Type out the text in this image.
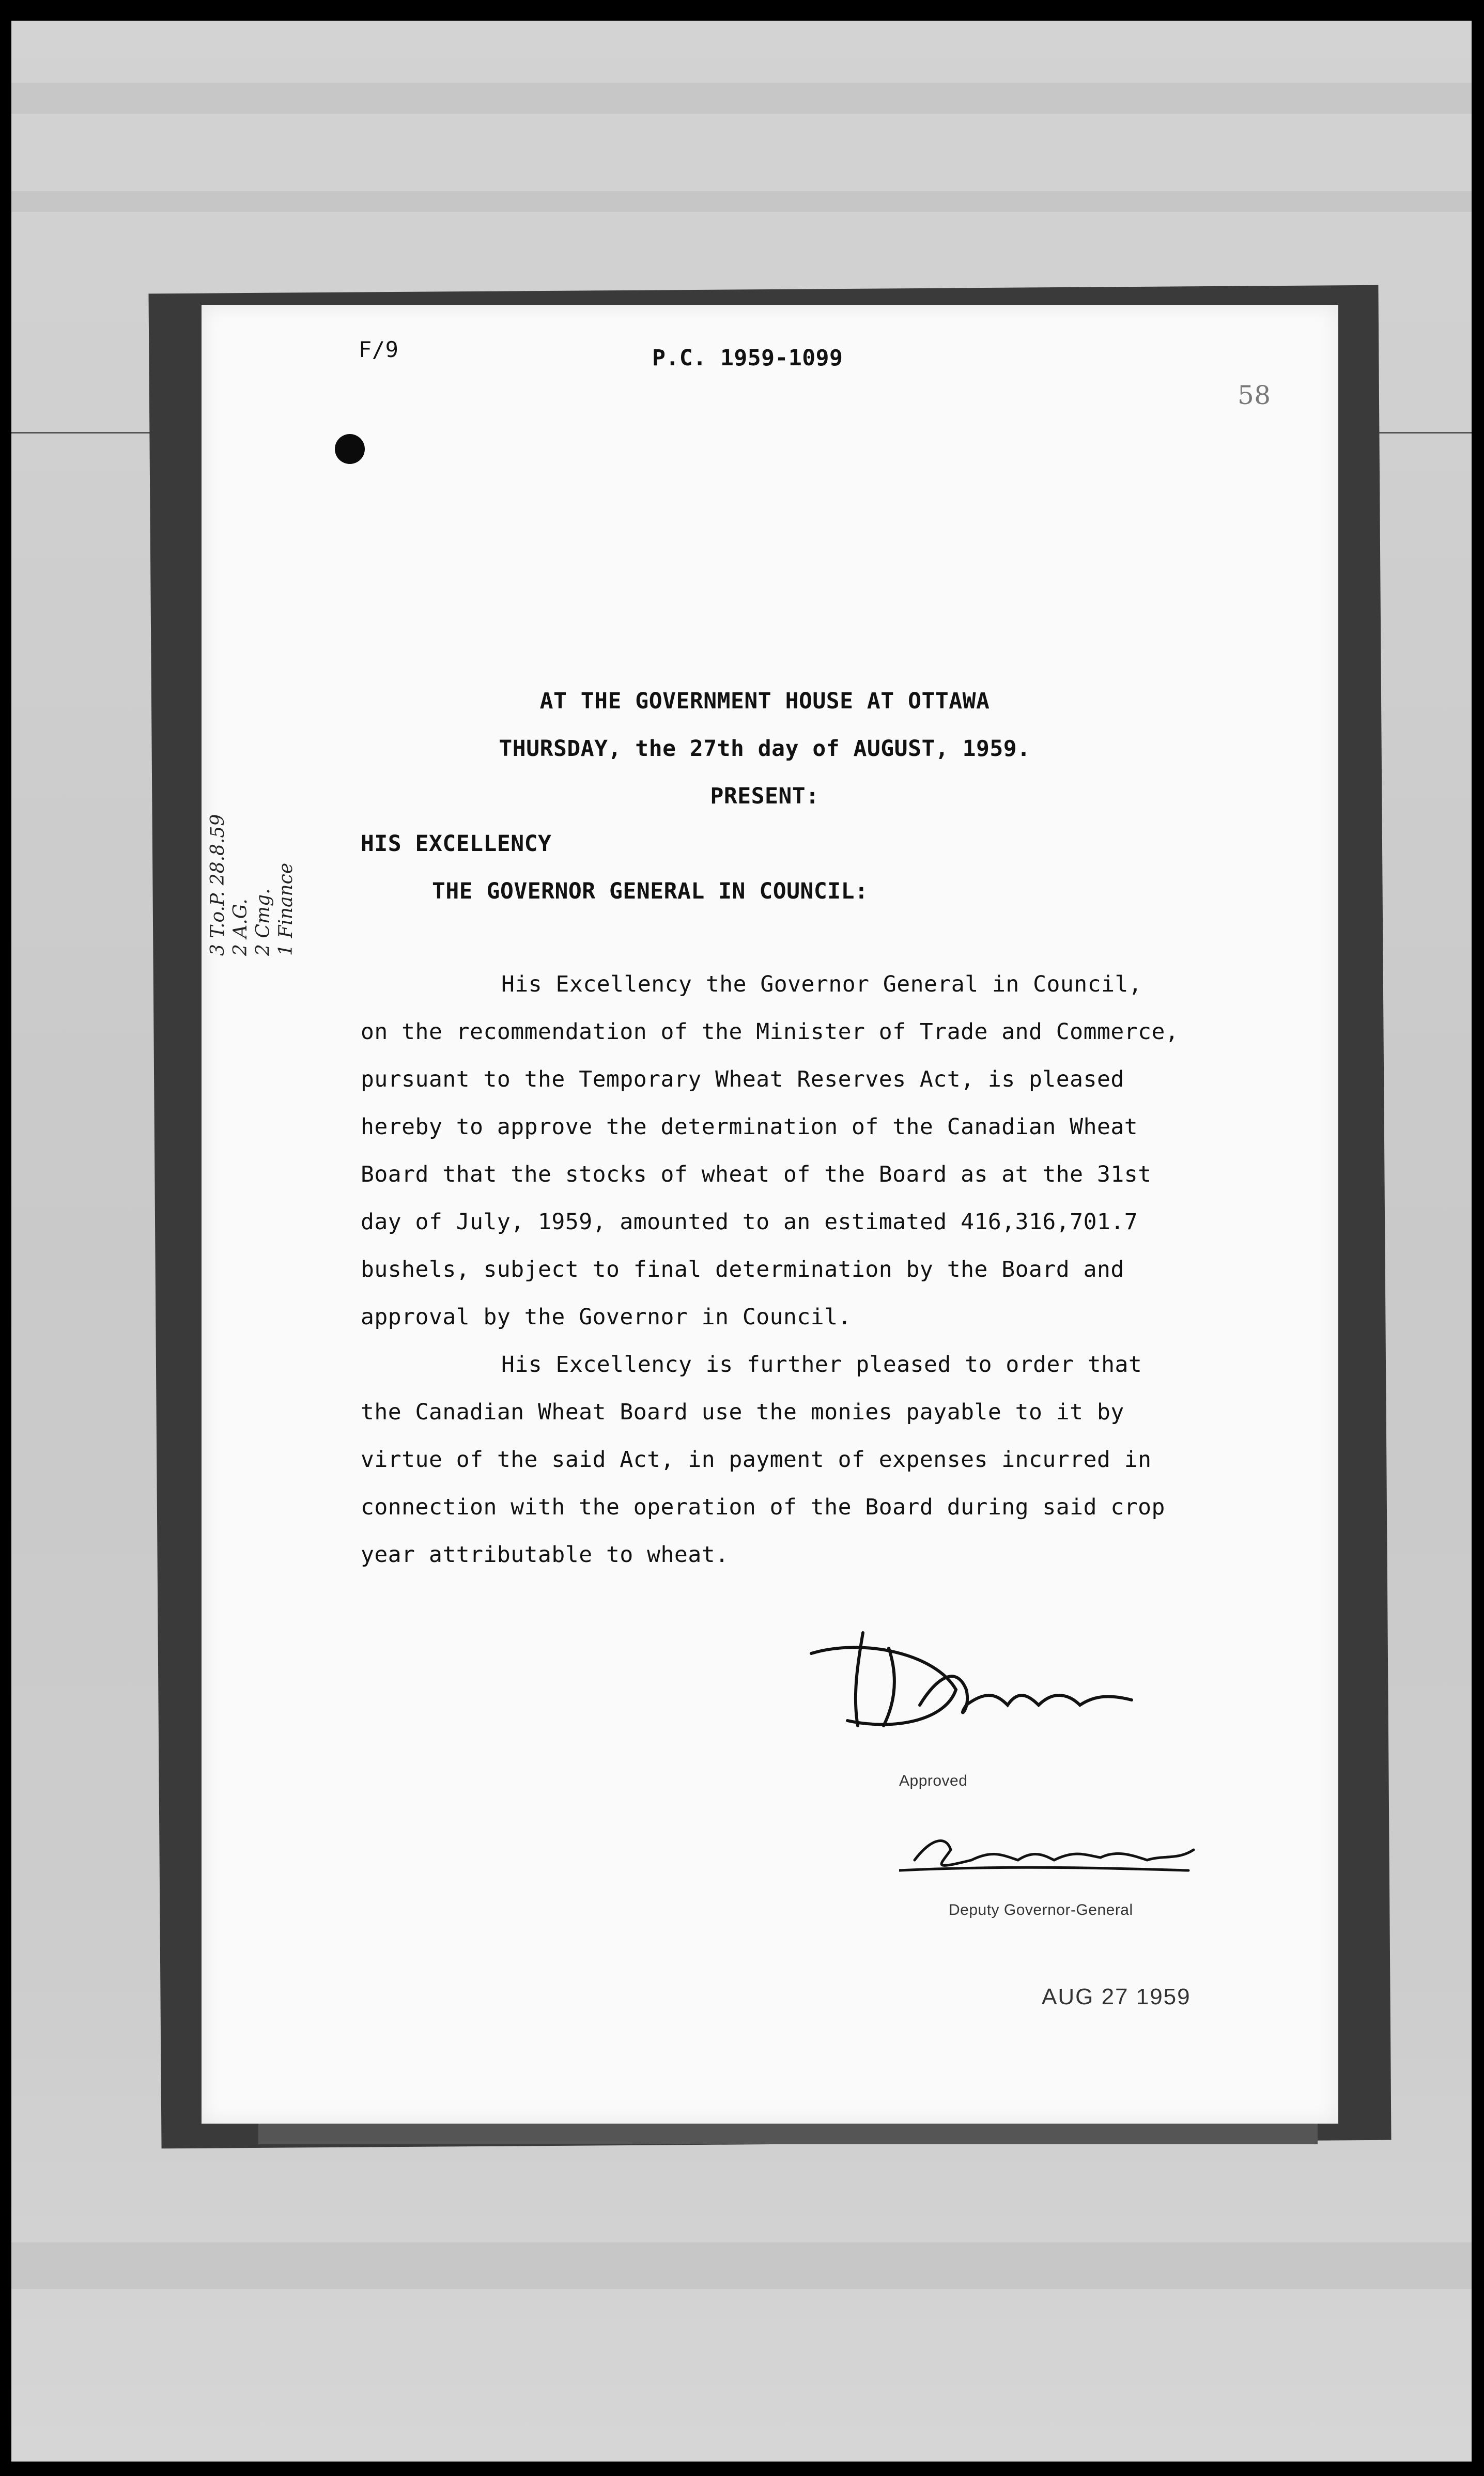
F/9	P.C. 1959-1099
58
AT THE GOVERNMENT HOUSE AT OTTAWA
THURSDAY, the 27th day of AUGUST, 1959.
PRESENT:
HIS EXCELLENCY
THE GOVERNOR GENERAL IN COUNCIL:
His Excellency the Governor General in Council,
on the recommendation of the Minister of Trade and Commerce,
pursuant to the Temporary Wheat Reserves Act, is pleased
hereby to approve the determination of the Canadian Wheat
Board that the stocks of wheat of the Board as at the 31st
day of July, 1959, amounted to an estimated 416,316,701.7
bushels, subject to final determination by the Board and
approval by the Governor in Council.
His Excellency is further pleased to order that
the Canadian Wheat Board use the monies payable to it by
virtue of the said Act, in payment of expenses incurred in
connection with the operation of the Board during said crop
year attributable to wheat.
3 T.o.P. 28.8.59 2 A.G. 2 Cmg. 1 Finance
Approved
Deputy Governor-General
AUG 27 1959
